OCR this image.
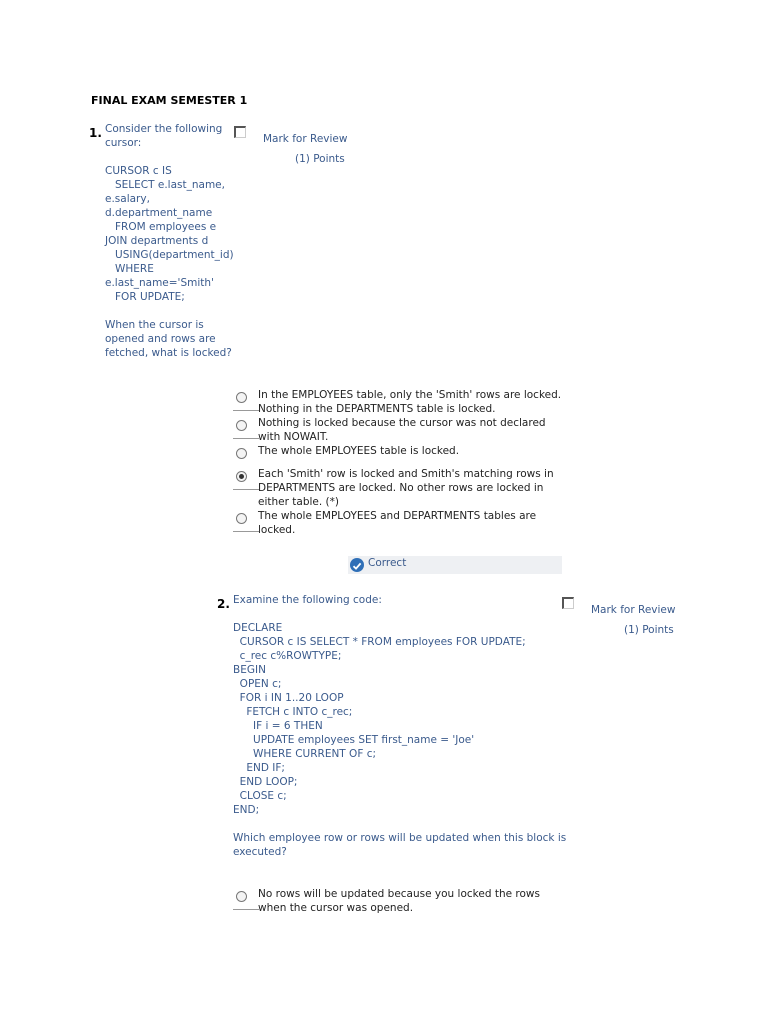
FINAL EXAM SEMESTER 1
1. Consider the following
cursor:

CURSOR c IS
SELECT e.last_name,
e.salary,
d.department_name
FROM employees e
JOIN departments d
USING(department_id)
WHERE
e.last_name='Smith'
FOR UPDATE;

When the cursor is
opened and rows are
fetched, what is locked?
Mark for Review
(1) Points
In the EMPLOYEES table, only the 'Smith' rows are locked. Nothing in the DEPARTMENTS table is locked.
Nothing is locked because the cursor was not declared with NOWAIT.
The whole EMPLOYEES table is locked.
Each 'Smith' row is locked and Smith's matching rows in DEPARTMENTS are locked. No other rows are locked in either table. (*)
The whole EMPLOYEES and DEPARTMENTS tables are locked.
Correct
2. Examine the following code:

DECLARE
CURSOR c IS SELECT * FROM employees FOR UPDATE;
c_rec c%ROWTYPE;
BEGIN
OPEN c;
FOR i IN 1..20 LOOP
FETCH c INTO c_rec;
IF i = 6 THEN
UPDATE employees SET first_name = 'Joe'
WHERE CURRENT OF c;
END IF;
END LOOP;
CLOSE c;
END;

Which employee row or rows will be updated when this block is
executed?
Mark for Review
(1) Points
No rows will be updated because you locked the rows when the cursor was opened.
